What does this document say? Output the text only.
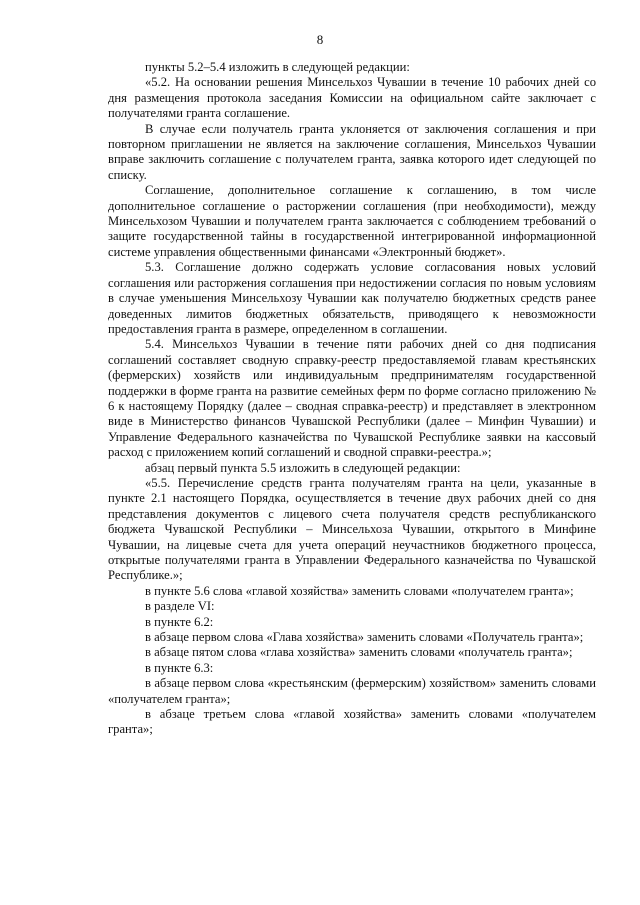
8

пункты 5.2–5.4 изложить в следующей редакции:

«5.2. На основании решения Минсельхоз Чувашии в течение 10 рабочих дней со дня размещения протокола заседания Комиссии на официальном сайте заключает с получателями гранта соглашение.

В случае если получатель гранта уклоняется от заключения соглашения и при повторном приглашении не является на заключение соглашения, Минсельхоз Чувашии вправе заключить соглашение с получателем гранта, заявка которого идет следующей по списку.

Соглашение, дополнительное соглашение к соглашению, в том числе дополнительное соглашение о расторжении соглашения (при необходимости), между Минсельхозом Чувашии и получателем гранта заключается с соблюдением требований о защите государственной тайны в государственной интегрированной информационной системе управления общественными финансами «Электронный бюджет».

5.3. Соглашение должно содержать условие согласования новых условий соглашения или расторжения соглашения при недостижении согласия по новым условиям в случае уменьшения Минсельхозу Чувашии как получателю бюджетных средств ранее доведенных лимитов бюджетных обязательств, приводящего к невозможности предоставления гранта в размере, определенном в соглашении.

5.4. Минсельхоз Чувашии в течение пяти рабочих дней со дня подписания соглашений составляет сводную справку-реестр предоставляемой главам крестьянских (фермерских) хозяйств или индивидуальным предпринимателям государственной поддержки в форме гранта на развитие семейных ферм по форме согласно приложению № 6 к настоящему Порядку (далее – сводная справка-реестр) и представляет в электронном виде в Министерство финансов Чувашской Республики (далее – Минфин Чувашии) и Управление Федерального казначейства по Чувашской Республике заявки на кассовый расход с приложением копий соглашений и сводной справки-реестра.»;

абзац первый пункта 5.5 изложить в следующей редакции:

«5.5. Перечисление средств гранта получателям гранта на цели, указанные в пункте 2.1 настоящего Порядка, осуществляется в течение двух рабочих дней со дня представления документов с лицевого счета получателя средств республиканского бюджета Чувашской Республики – Минсельхоза Чувашии, открытого в Минфине Чувашии, на лицевые счета для учета операций неучастников бюджетного процесса, открытые получателями гранта в Управлении Федерального казначейства по Чувашской Республике.»;

в пункте 5.6 слова «главой хозяйства» заменить словами «получателем гранта»;

в разделе VI:

в пункте 6.2:

в абзаце первом слова «Глава хозяйства» заменить словами «Получатель гранта»;

в абзаце пятом слова «глава хозяйства» заменить словами «получатель гранта»;

в пункте 6.3:

в абзаце первом слова «крестьянским (фермерским) хозяйством» заменить словами «получателем гранта»;

в абзаце третьем слова «главой хозяйства» заменить словами «получателем гранта»;
